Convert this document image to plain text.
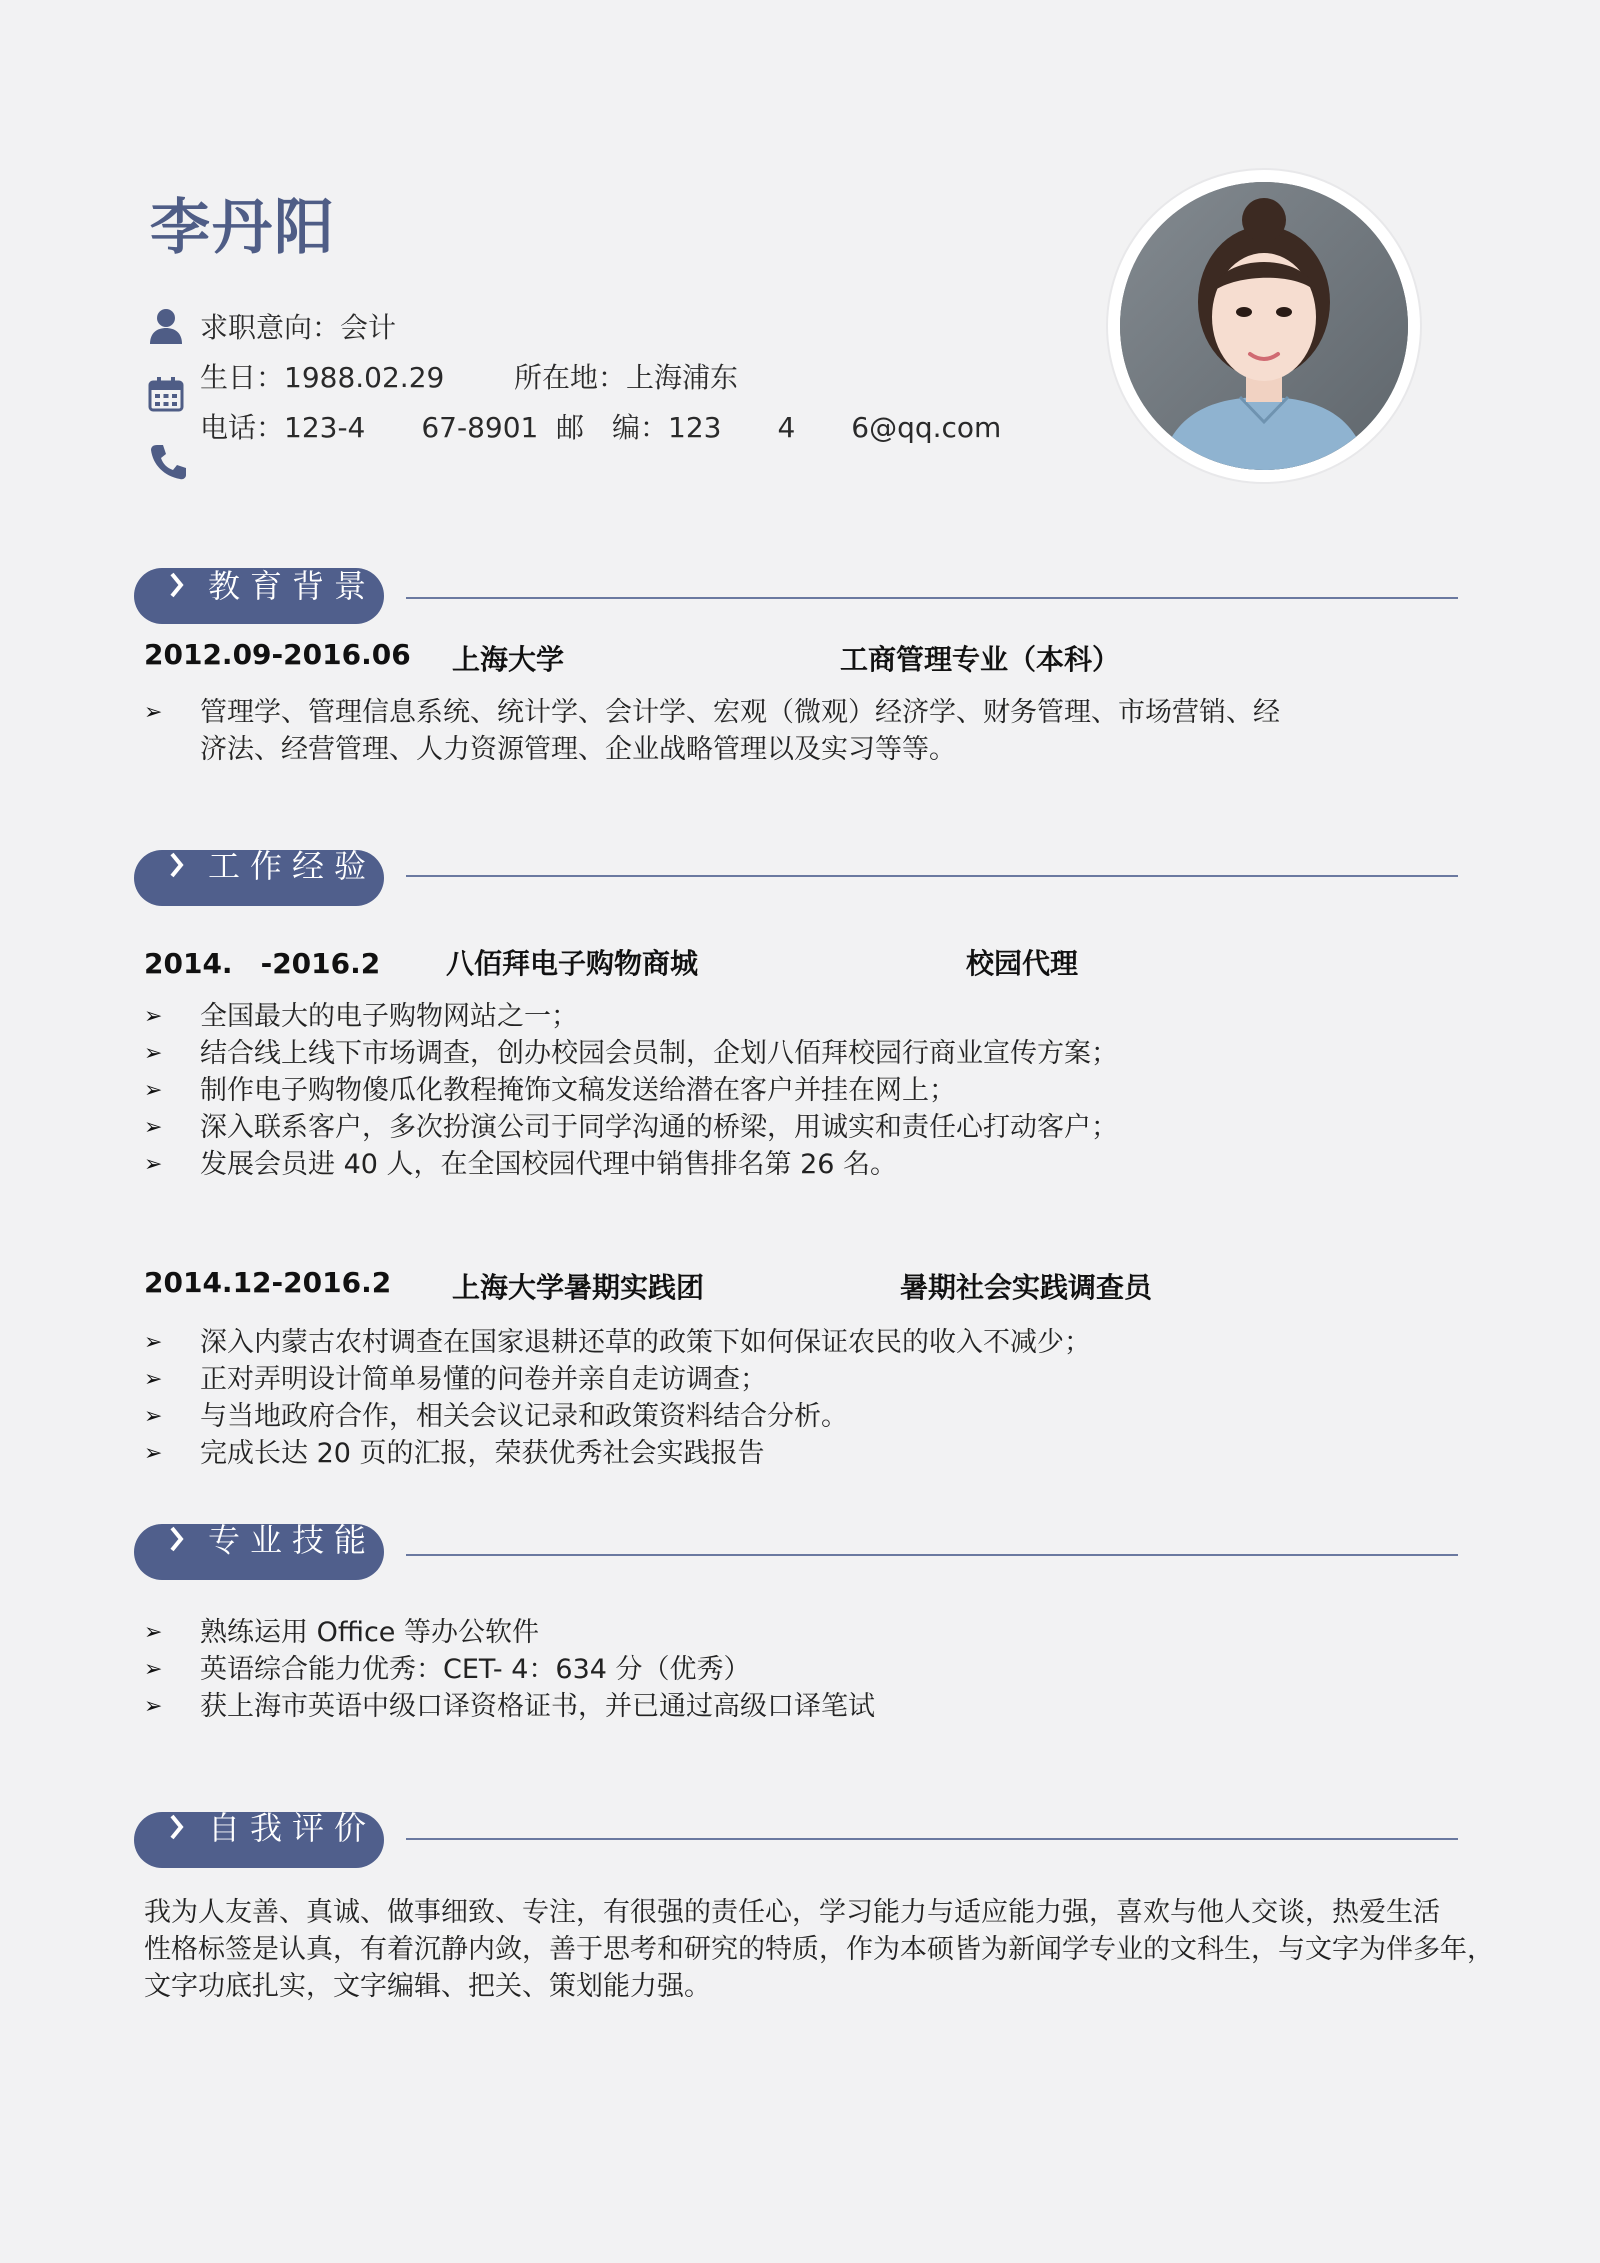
李丹阳
求职意向：会计
生日：1988.02.29 所在地：上海浦东
电话：123-4　　67-8901 邮　编：123　　4　　6@qq.com
教育背景
2012.09-2016.06 上海大学	工商管理专业（本科）
➢ 管理学、管理信息系统、统计学、会计学、宏观（微观）经济学、财务管理、市场营销、经
济法、经营管理、人力资源管理、企业战略管理以及实习等等。
工作经验
2014.　-2016.2 八佰拜电子购物商城	校园代理
➢ 全国最大的电子购物网站之一；
➢ 结合线上线下市场调查，创办校园会员制，企划八佰拜校园行商业宣传方案；
➢ 制作电子购物傻瓜化教程掩饰文稿发送给潜在客户并挂在网上；
➢ 深入联系客户，多次扮演公司于同学沟通的桥梁，用诚实和责任心打动客户；
➢ 发展会员进 40 人，在全国校园代理中销售排名第 26 名。
2014.12-2016.2 上海大学暑期实践团	暑期社会实践调查员
➢ 深入内蒙古农村调查在国家退耕还草的政策下如何保证农民的收入不减少；
➢ 正对弄明设计简单易懂的问卷并亲自走访调查；
➢ 与当地政府合作，相关会议记录和政策资料结合分析。
➢ 完成长达 20 页的汇报，荣获优秀社会实践报告
专业技能
➢ 熟练运用 Office 等办公软件
➢ 英语综合能力优秀：CET- 4：634 分（优秀）
➢ 获上海市英语中级口译资格证书，并已通过高级口译笔试
自我评价
我为人友善、真诚、做事细致、专注，有很强的责任心，学习能力与适应能力强，喜欢与他人交谈，热爱生活
性格标签是认真，有着沉静内敛，善于思考和研究的特质，作为本硕皆为新闻学专业的文科生，与文字为伴多年，
文字功底扎实，文字编辑、把关、策划能力强。
